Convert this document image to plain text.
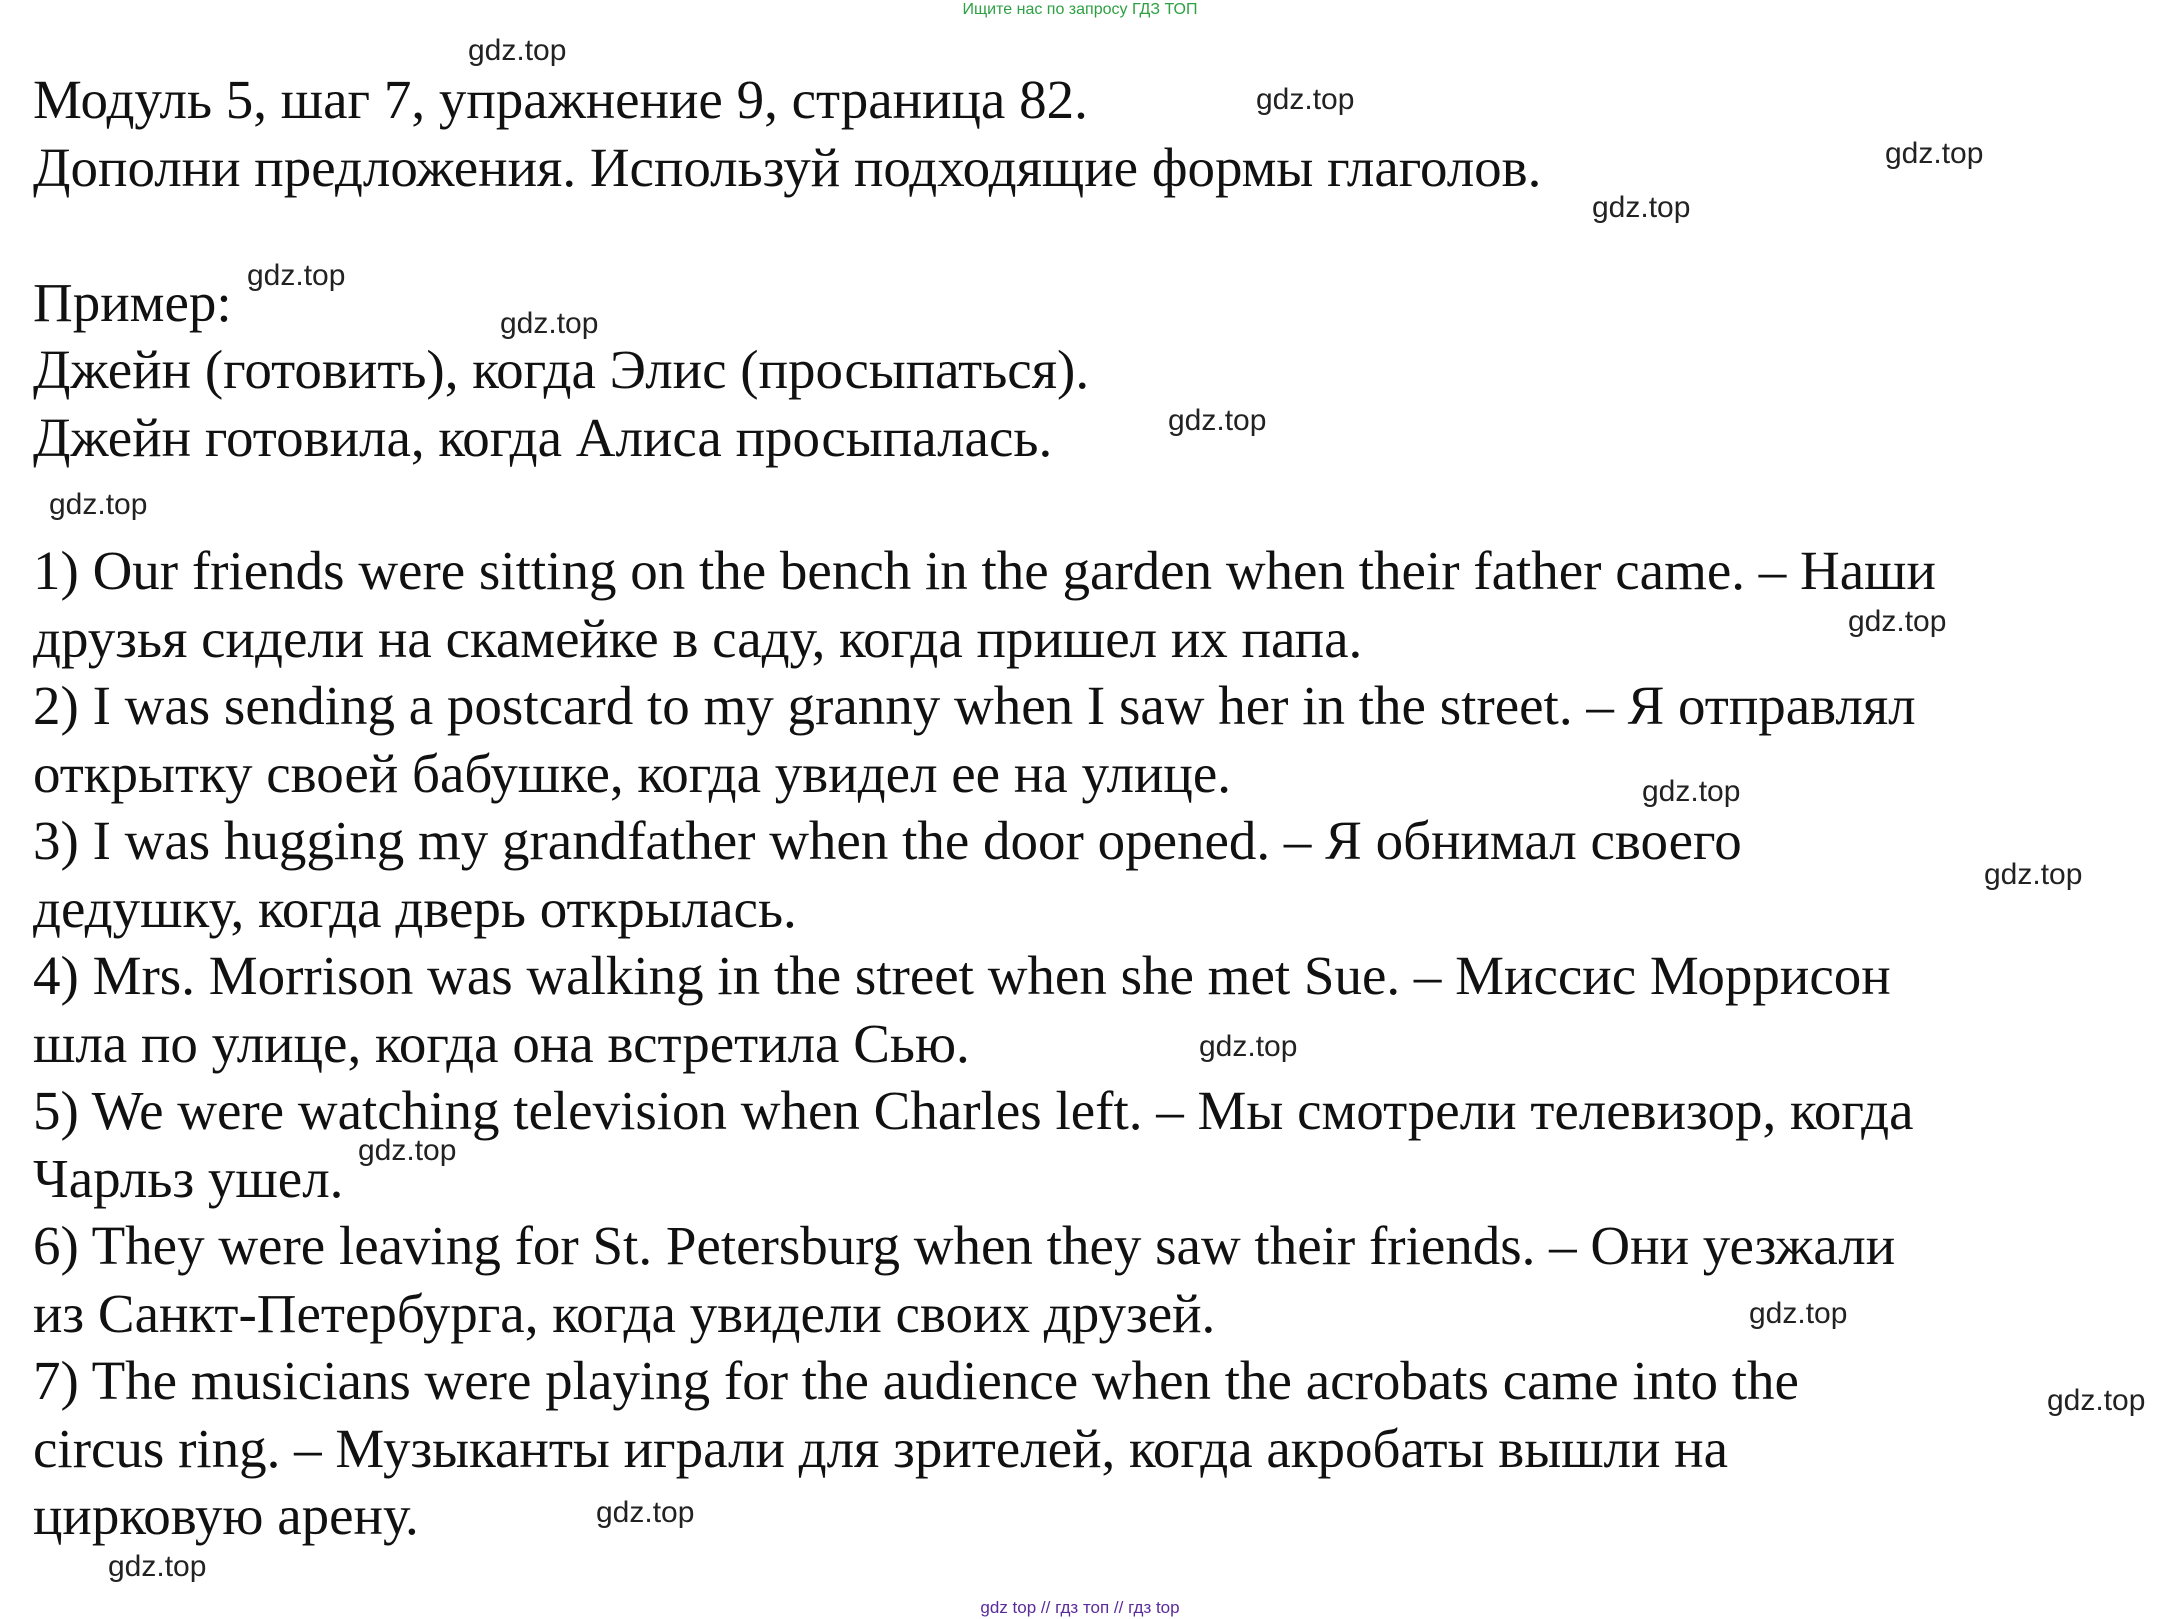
Ищите нас по запросу ГДЗ ТОП
Модуль 5, шаг 7, упражнение 9, страница 82.
Дополни предложения. Используй подходящие формы глаголов.
Пример:
Джейн (готовить), когда Элис (просыпаться).
Джейн готовила, когда Алиса просыпалась.
1) Our friends were sitting on the bench in the garden when their father came. – Наши
друзья сидели на скамейке в саду, когда пришел их папа.
2) I was sending a postcard to my granny when I saw her in the street. – Я отправлял
открытку своей бабушке, когда увидел ее на улице.
3) I was hugging my grandfather when the door opened. – Я обнимал своего
дедушку, когда дверь открылась.
4) Mrs. Morrison was walking in the street when she met Sue. – Миссис Моррисон
шла по улице, когда она встретила Сью.
5) We were watching television when Charles left. – Мы смотрели телевизор, когда
Чарльз ушел.
6) They were leaving for St. Petersburg when they saw their friends. – Они уезжали
из Санкт-Петербурга, когда увидели своих друзей.
7) The musicians were playing for the audience when the acrobats came into the
circus ring. – Музыканты играли для зрителей, когда акробаты вышли на
цирковую арену.
gdz.top
gdz.top
gdz.top
gdz.top
gdz.top
gdz.top
gdz.top
gdz.top
gdz.top
gdz.top
gdz.top
gdz.top
gdz.top
gdz.top
gdz.top
gdz.top
gdz.top
gdz top // гдз топ // гдз top
